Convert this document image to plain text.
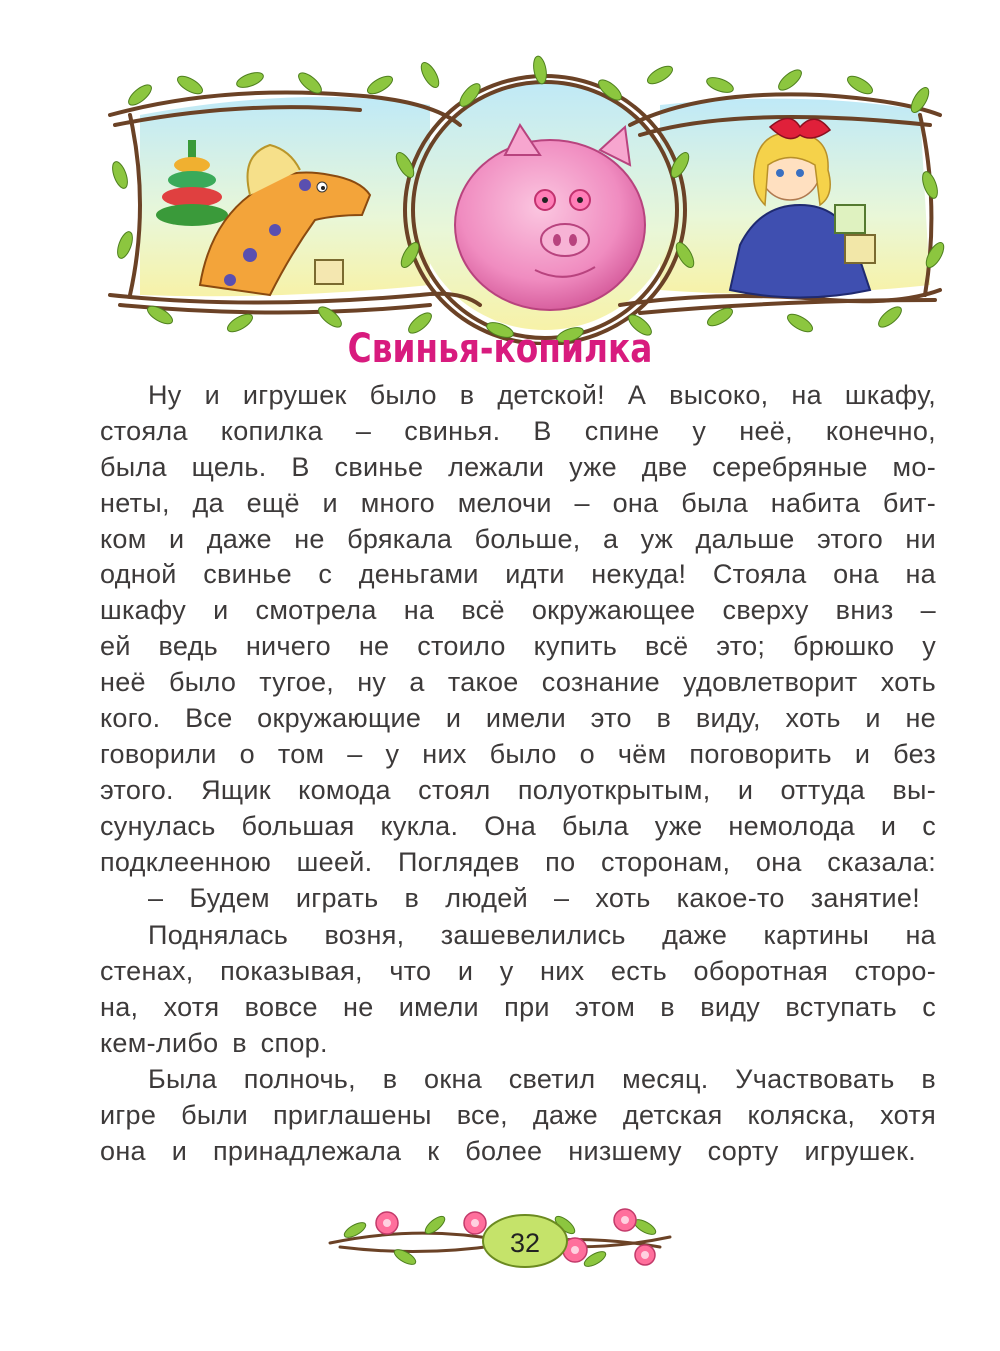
Свинья-копилка
Ну и игрушек было в детской! А высоко, на шкафу,
стояла копилка – свинья. В спине у неё, конечно,
была щель. В свинье лежали уже две серебряные мо-
неты, да ещё и много мелочи – она была набита бит-
ком и даже не брякала больше, а уж дальше этого ни
одной свинье с деньгами идти некуда! Стояла она на
шкафу и смотрела на всё окружающее сверху вниз –
ей ведь ничего не стоило купить всё это; брюшко у
неё было тугое, ну а такое сознание удовлетворит хоть
кого. Все окружающие и имели это в виду, хоть и не
говорили о том – у них было о чём поговорить и без
этого. Ящик комода стоял полуоткрытым, и оттуда вы-
сунулась большая кукла. Она была уже немолода и с
подклеенною шеей. Поглядев по сторонам, она сказала:
– Будем играть в людей – хоть какое-то занятие!
Поднялась возня, зашевелились даже картины на
стенах, показывая, что и у них есть оборотная сторо-
на, хотя вовсе не имели при этом в виду вступать с
кем-либо в спор.
Была полночь, в окна светил месяц. Участвовать в
игре были приглашены все, даже детская коляска, хотя
она и принадлежала к более низшему сорту игрушек.
32
